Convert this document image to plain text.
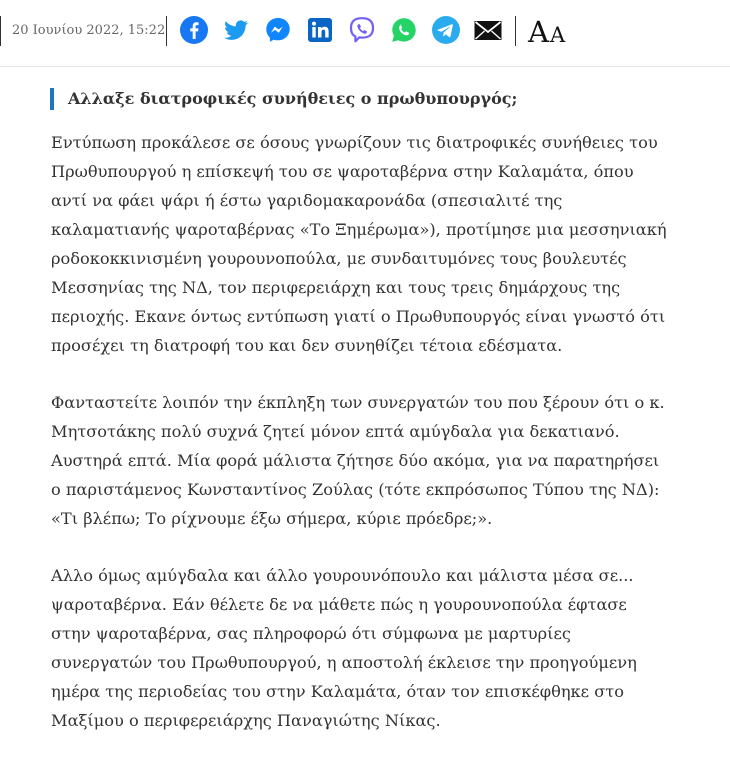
20 Ιουνίου 2022, 15:22	AA
Αλλαξε διατροφικές συνήθειες ο πρωθυπουργός;

Εντύπωση προκάλεσε σε όσους γνωρίζουν τις διατροφικές συνήθειες του Πρωθυπουργού η επίσκεψή του σε ψαροταβέρνα στην Καλαμάτα, όπου αντί να φάει ψάρι ή έστω γαριδομακαρονάδα (σπεσιαλιτέ της καλαματιανής ψαροταβέρνας «Το Ξημέρωμα»), προτίμησε μια μεσσηνιακή ροδοκοκκινισμένη γουρουνοπούλα, με συνδαιτυμόνες τους βουλευτές Μεσσηνίας της ΝΔ, τον περιφερειάρχη και τους τρεις δημάρχους της περιοχής. Εκανε όντως εντύπωση γιατί ο Πρωθυπουργός είναι γνωστό ότι προσέχει τη διατροφή του και δεν συνηθίζει τέτοια εδέσματα.

Φανταστείτε λοιπόν την έκπληξη των συνεργατών του που ξέρουν ότι ο κ. Μητσοτάκης πολύ συχνά ζητεί μόνον επτά αμύγδαλα για δεκατιανό. Αυστηρά επτά. Μία φορά μάλιστα ζήτησε δύο ακόμα, για να παρατηρήσει ο παριστάμενος Κωνσταντίνος Ζούλας (τότε εκπρόσωπος Τύπου της ΝΔ): «Τι βλέπω; Το ρίχνουμε έξω σήμερα, κύριε πρόεδρε;».

Αλλο όμως αμύγδαλα και άλλο γουρουνόπουλο και μάλιστα μέσα σε... ψαροταβέρνα. Εάν θέλετε δε να μάθετε πώς η γουρουνοπούλα έφτασε στην ψαροταβέρνα, σας πληροφορώ ότι σύμφωνα με μαρτυρίες συνεργατών του Πρωθυπουργού, η αποστολή έκλεισε την προηγούμενη ημέρα της περιοδείας του στην Καλαμάτα, όταν τον επισκέφθηκε στο Μαξίμου ο περιφερειάρχης Παναγιώτης Νίκας.
